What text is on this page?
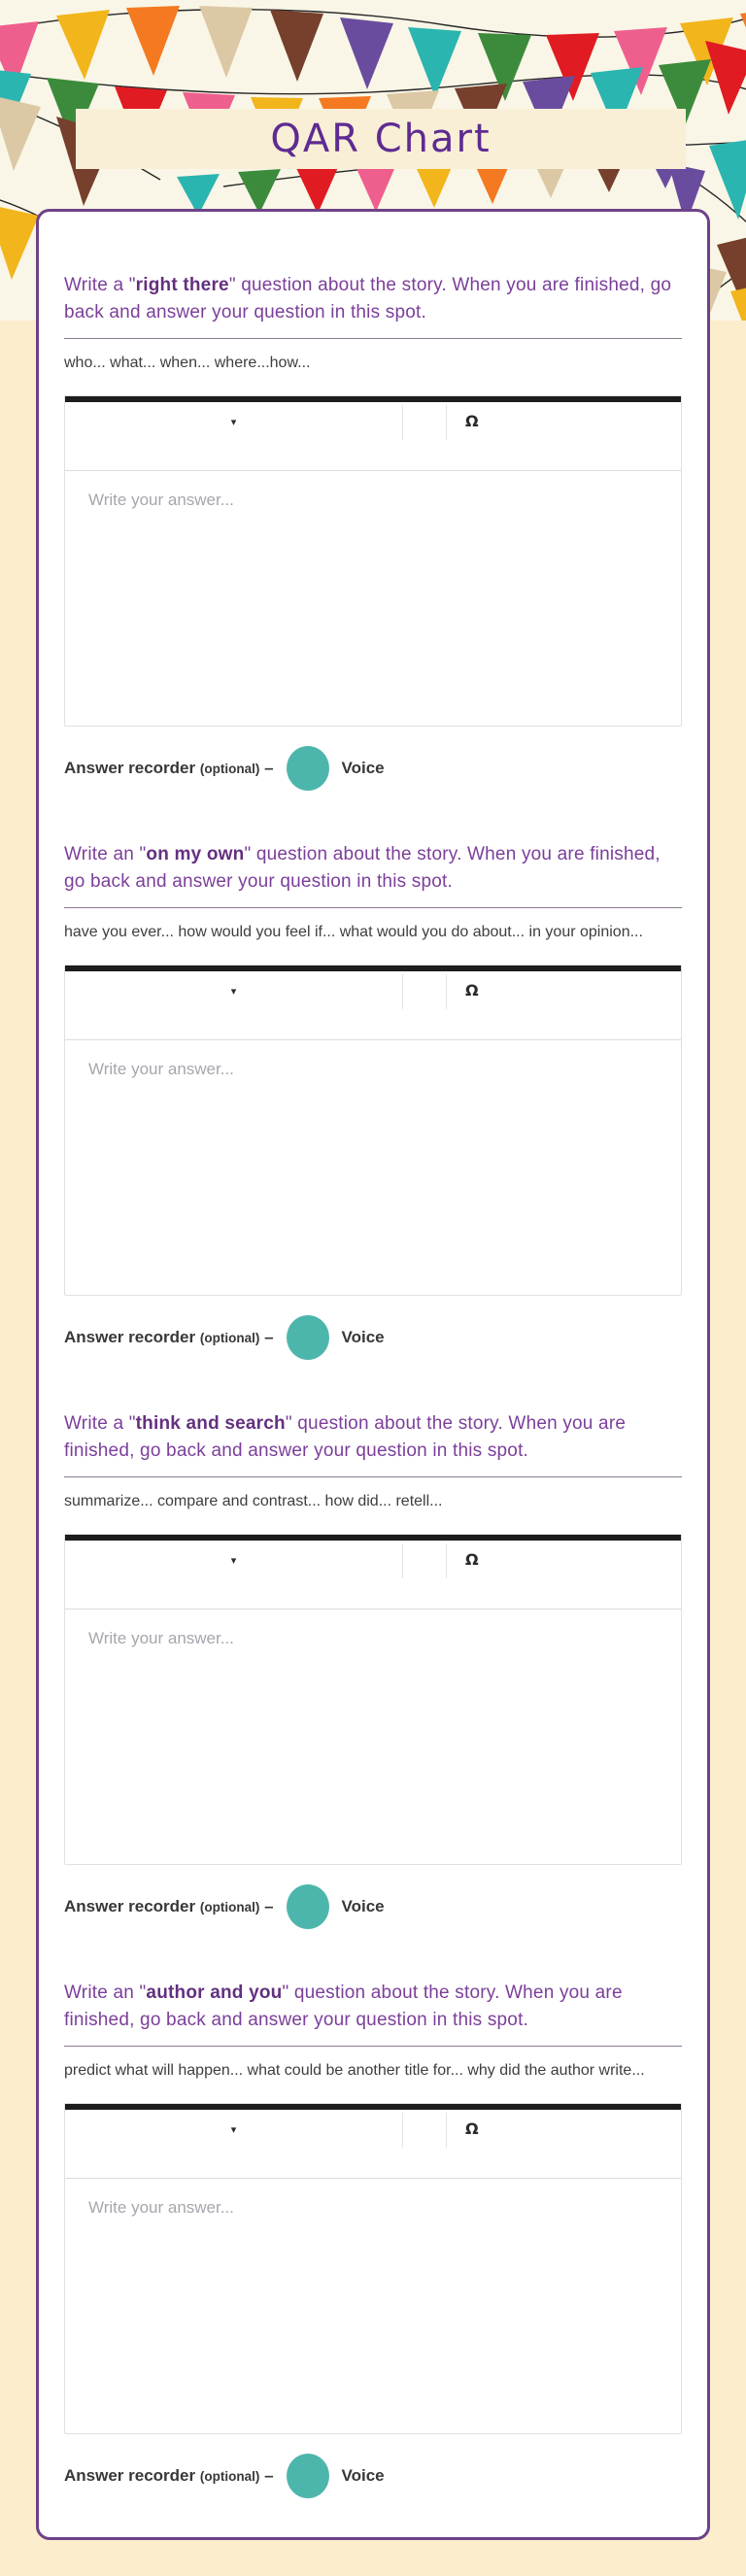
QAR Chart

Write a "right there" question about the story. When you are finished, go back and answer your question in this spot.

who... what... when... where...how...

▾	Ω
Write your answer...
Answer recorder (optional) –	Voice

Write an "on my own" question about the story. When you are finished, go back and answer your question in this spot.

have you ever... how would you feel if... what would you do about... in your opinion...

▾	Ω
Write your answer...
Answer recorder (optional) –	Voice

Write a "think and search" question about the story. When you are finished, go back and answer your question in this spot.

summarize... compare and contrast... how did... retell...

▾	Ω
Write your answer...
Answer recorder (optional) –	Voice

Write an "author and you" question about the story. When you are finished, go back and answer your question in this spot.

predict what will happen... what could be another title for... why did the author write...

▾	Ω
Write your answer...
Answer recorder (optional) –	Voice
